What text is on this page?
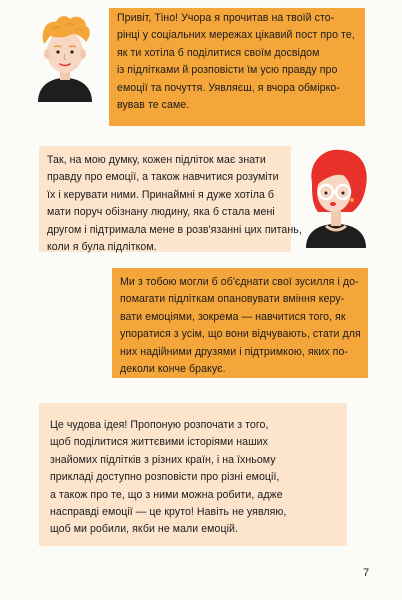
Привіт, Тіно! Учора я прочитав на твоїй сто-
рінці у соціальних мережах цікавий пост про те,
як ти хотіла б поділитися своїм досвідом
із підлітками й розповісти їм усю правду про
емоції та почуття. Уявляєш, я вчора обмірко-
вував те саме.
Так, на мою думку, кожен підліток має знати
правду про емоції, а також навчитися розуміти
їх і керувати ними. Принаймні я дуже хотіла б
мати поруч обізнану людину, яка б стала мені
другом і підтримала мене в розв'язанні цих питань,
коли я була підлітком.
Ми з тобою могли б об'єднати свої зусилля і до-
помагати підліткам опановувати вміння керу-
вати емоціями, зокрема — навчитися того, як
упоратися з усім, що вони відчувають, стати для
них надійними друзями і підтримкою, яких по-
деколи конче бракує.
Це чудова ідея! Пропоную розпочати з того,
щоб поділитися життєвими історіями наших
знайомих підлітків з різних країн, і на їхньому
прикладі доступно розповісти про різні емоції,
а також про те, що з ними можна робити, адже
насправді емоції — це круто! Навіть не уявляю,
щоб ми робили, якби не мали емоцій.
7
